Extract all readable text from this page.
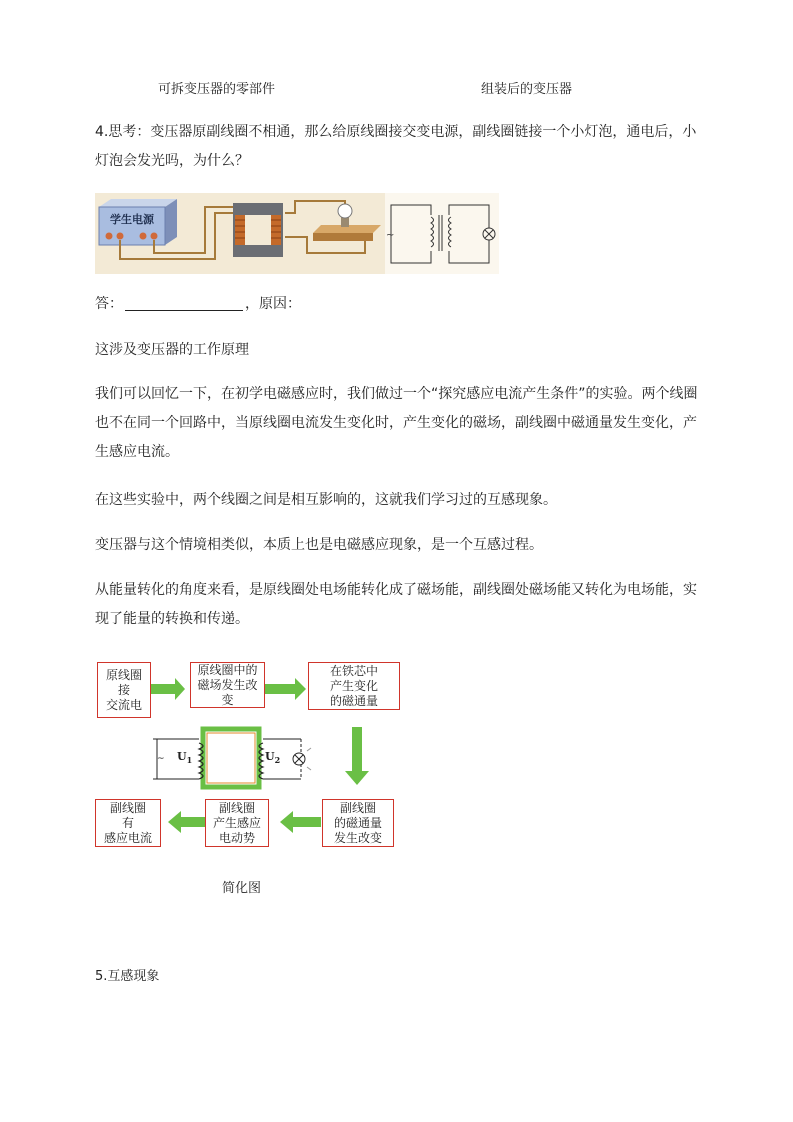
可拆变压器的零部件	组装后的变压器
4.思考：变压器原副线圈不相通，那么给原线圈接交变电源，副线圈链接一个小灯泡，通电后，小灯泡会发光吗，为什么？
学生电源
~
答：	，原因：
这涉及变压器的工作原理
我们可以回忆一下，在初学电磁感应时，我们做过一个“探究感应电流产生条件”的实验。两个线圈也不在同一个回路中，当原线圈电流发生变化时，产生变化的磁场，副线圈中磁通量发生变化，产生感应电流。
在这些实验中，两个线圈之间是相互影响的，这就我们学习过的互感现象。
变压器与这个情境相类似，本质上也是电磁感应现象，是一个互感过程。
从能量转化的角度来看，是原线圈处电场能转化成了磁场能，副线圈处磁场能又转化为电场能，实现了能量的转换和传递。
~ $U_1$	$U_2$
原线圈
接
交流电
原线圈中的
磁场发生改
变
在铁芯中
产生变化
的磁通量
副线圈
的磁通量
发生改变
副线圈
产生感应
电动势
副线圈
有
感应电流
简化图
5.互感现象
